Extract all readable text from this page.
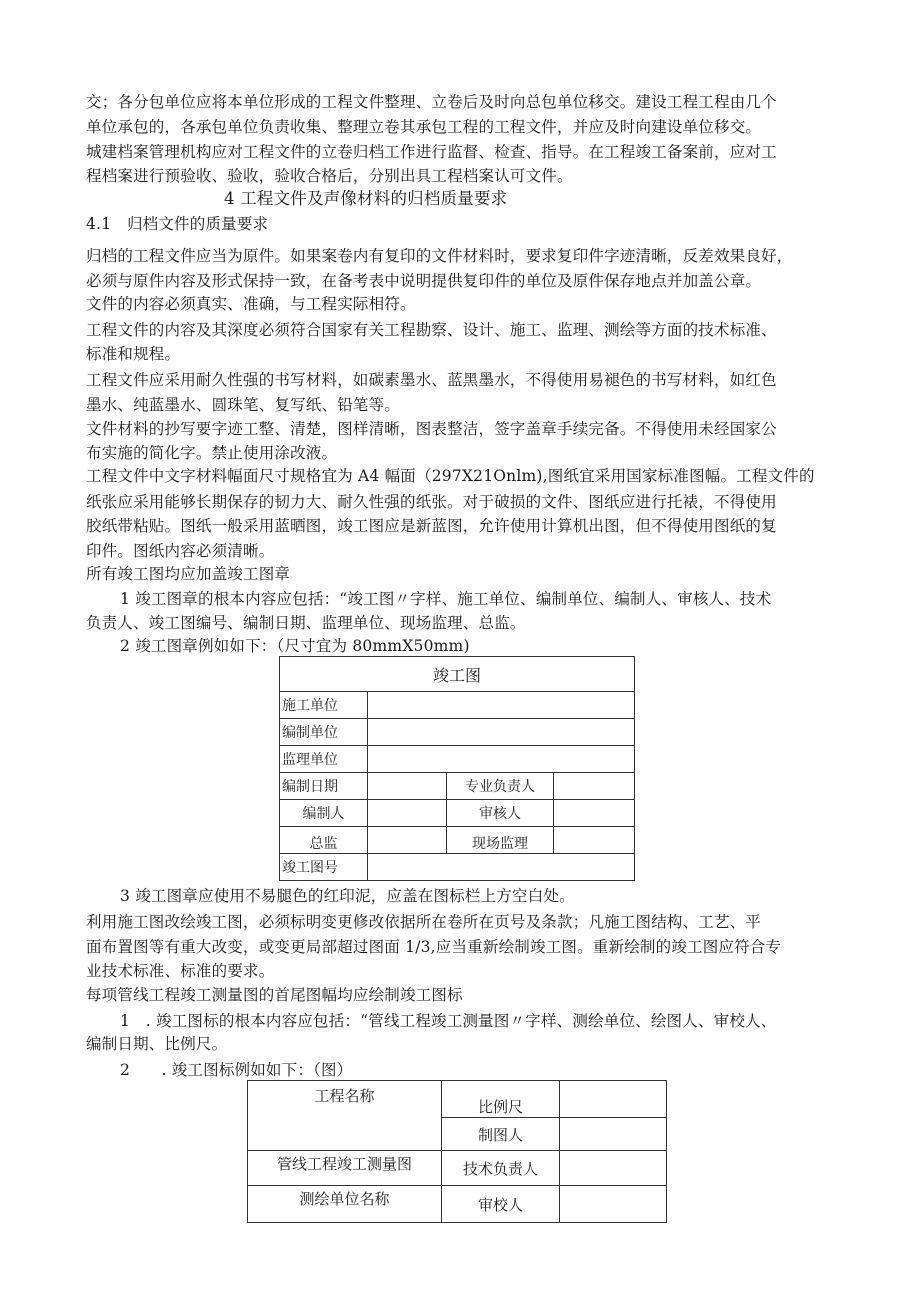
交；各分包单位应将本单位形成的工程文件整理、立卷后及时向总包单位移交。建设工程工程由几个
单位承包的，各承包单位负责收集、整理立卷其承包工程的工程文件，并应及时向建设单位移交。
城建档案管理机构应对工程文件的立卷归档工作进行监督、检查、指导。在工程竣工备案前，应对工
程档案进行预验收、验收，验收合格后，分别出具工程档案认可文件。
4 工程文件及声像材料的归档质量要求
4.1　归档文件的质量要求
归档的工程文件应当为原件。如果案卷内有复印的文件材料时，要求复印件字迹清晰，反差效果良好，
必须与原件内容及形式保持一致，在备考表中说明提供复印件的单位及原件保存地点并加盖公章。
文件的内容必须真实、准确，与工程实际相符。
工程文件的内容及其深度必须符合国家有关工程勘察、设计、施工、监理、测绘等方面的技术标准、
标准和规程。
工程文件应采用耐久性强的书写材料，如碳素墨水、蓝黑墨水，不得使用易褪色的书写材料，如红色
墨水、纯蓝墨水、圆珠笔、复写纸、铅笔等。
文件材料的抄写要字迹工整、清楚，图样清晰，图表整洁，签字盖章手续完备。不得使用未经国家公
布实施的简化字。禁止使用涂改液。
工程文件中文字材料幅面尺寸规格宜为 A4 幅面（297X21Onlm),图纸宜采用国家标准图幅。工程文件的
纸张应采用能够长期保存的韧力大、耐久性强的纸张。对于破损的文件、图纸应进行托裱，不得使用
胶纸带粘贴。图纸一般采用蓝晒图，竣工图应是新蓝图，允许使用计算机出图，但不得使用图纸的复
印件。图纸内容必须清晰。
所有竣工图均应加盖竣工图章
1 竣工图章的根本内容应包括：“竣工图〃字样、施工单位、编制单位、编制人、审核人、技术
负责人、竣工图编号、编制日期、监理单位、现场监理、总监。
2 竣工图章例如如下：（尺寸宜为 80mmX50mm)
竣工图			
施工单位			
编制单位			
监理单位			
编制日期		专业负责人	
编制人		审核人	
总监		现场监理	
竣工图号			
3 竣工图章应使用不易腿色的红印泥，应盖在图标栏上方空白处。
利用施工图改绘竣工图，必须标明变更修改依据所在卷所在页号及条款；凡施工图结构、工艺、平
面布置图等有重大改变，或变更局部超过图面 1/3,应当重新绘制竣工图。重新绘制的竣工图应符合专
业技术标准、标准的要求。
每项管线工程竣工测量图的首尾图幅均应绘制竣工图标
1　. 竣工图标的根本内容应包括：“管线工程竣工测量图〃字样、测绘单位、绘图人、审校人、
编制日期、比例尺。
2　　. 竣工图标例如如下：（图）
工程名称	比例尺	
	制图人	
管线工程竣工测量图	技术负责人	
测绘单位名称	审校人	
